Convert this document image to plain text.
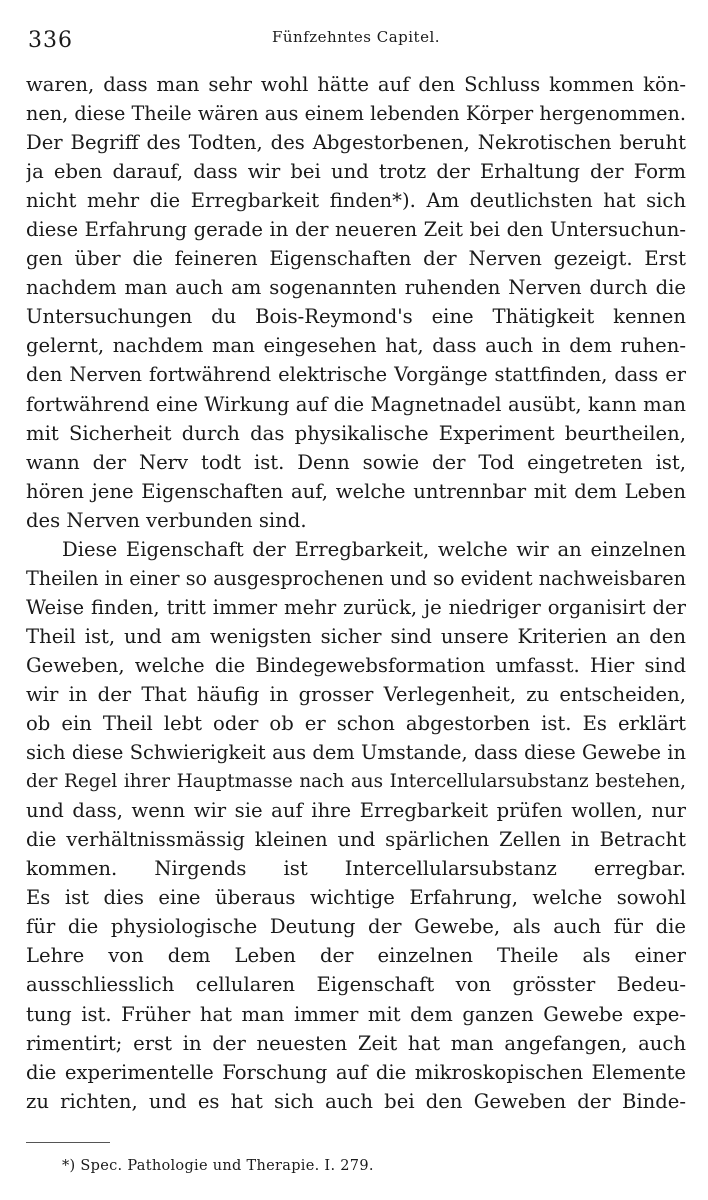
336	Fünfzehntes Capitel.
waren, dass man sehr wohl hätte auf den Schluss kommen kön-
nen, diese Theile wären aus einem lebenden Körper hergenommen.
Der Begriff des Todten, des Abgestorbenen, Nekrotischen beruht
ja eben darauf, dass wir bei und trotz der Erhaltung der Form
nicht mehr die Erregbarkeit finden*). Am deutlichsten hat sich
diese Erfahrung gerade in der neueren Zeit bei den Untersuchun-
gen über die feineren Eigenschaften der Nerven gezeigt. Erst
nachdem man auch am sogenannten ruhenden Nerven durch die
Untersuchungen du Bois-Reymond's eine Thätigkeit kennen
gelernt, nachdem man eingesehen hat, dass auch in dem ruhen-
den Nerven fortwährend elektrische Vorgänge stattfinden, dass er
fortwährend eine Wirkung auf die Magnetnadel ausübt, kann man
mit Sicherheit durch das physikalische Experiment beurtheilen,
wann der Nerv todt ist. Denn sowie der Tod eingetreten ist,
hören jene Eigenschaften auf, welche untrennbar mit dem Leben
des Nerven verbunden sind.
Diese Eigenschaft der Erregbarkeit, welche wir an einzelnen
Theilen in einer so ausgesprochenen und so evident nachweisbaren
Weise finden, tritt immer mehr zurück, je niedriger organisirt der
Theil ist, und am wenigsten sicher sind unsere Kriterien an den
Geweben, welche die Bindegewebsformation umfasst. Hier sind
wir in der That häufig in grosser Verlegenheit, zu entscheiden,
ob ein Theil lebt oder ob er schon abgestorben ist. Es erklärt
sich diese Schwierigkeit aus dem Umstande, dass diese Gewebe in
der Regel ihrer Hauptmasse nach aus Intercellularsubstanz bestehen,
und dass, wenn wir sie auf ihre Erregbarkeit prüfen wollen, nur
die verhältnissmässig kleinen und spärlichen Zellen in Betracht
kommen. Nirgends ist Intercellularsubstanz erregbar.
Es ist dies eine überaus wichtige Erfahrung, welche sowohl
für die physiologische Deutung der Gewebe, als auch für die
Lehre von dem Leben der einzelnen Theile als einer
ausschliesslich cellularen Eigenschaft von grösster Bedeu-
tung ist. Früher hat man immer mit dem ganzen Gewebe expe-
rimentirt; erst in der neuesten Zeit hat man angefangen, auch
die experimentelle Forschung auf die mikroskopischen Elemente
zu richten, und es hat sich auch bei den Geweben der Binde-
*) Spec. Pathologie und Therapie. I. 279.
